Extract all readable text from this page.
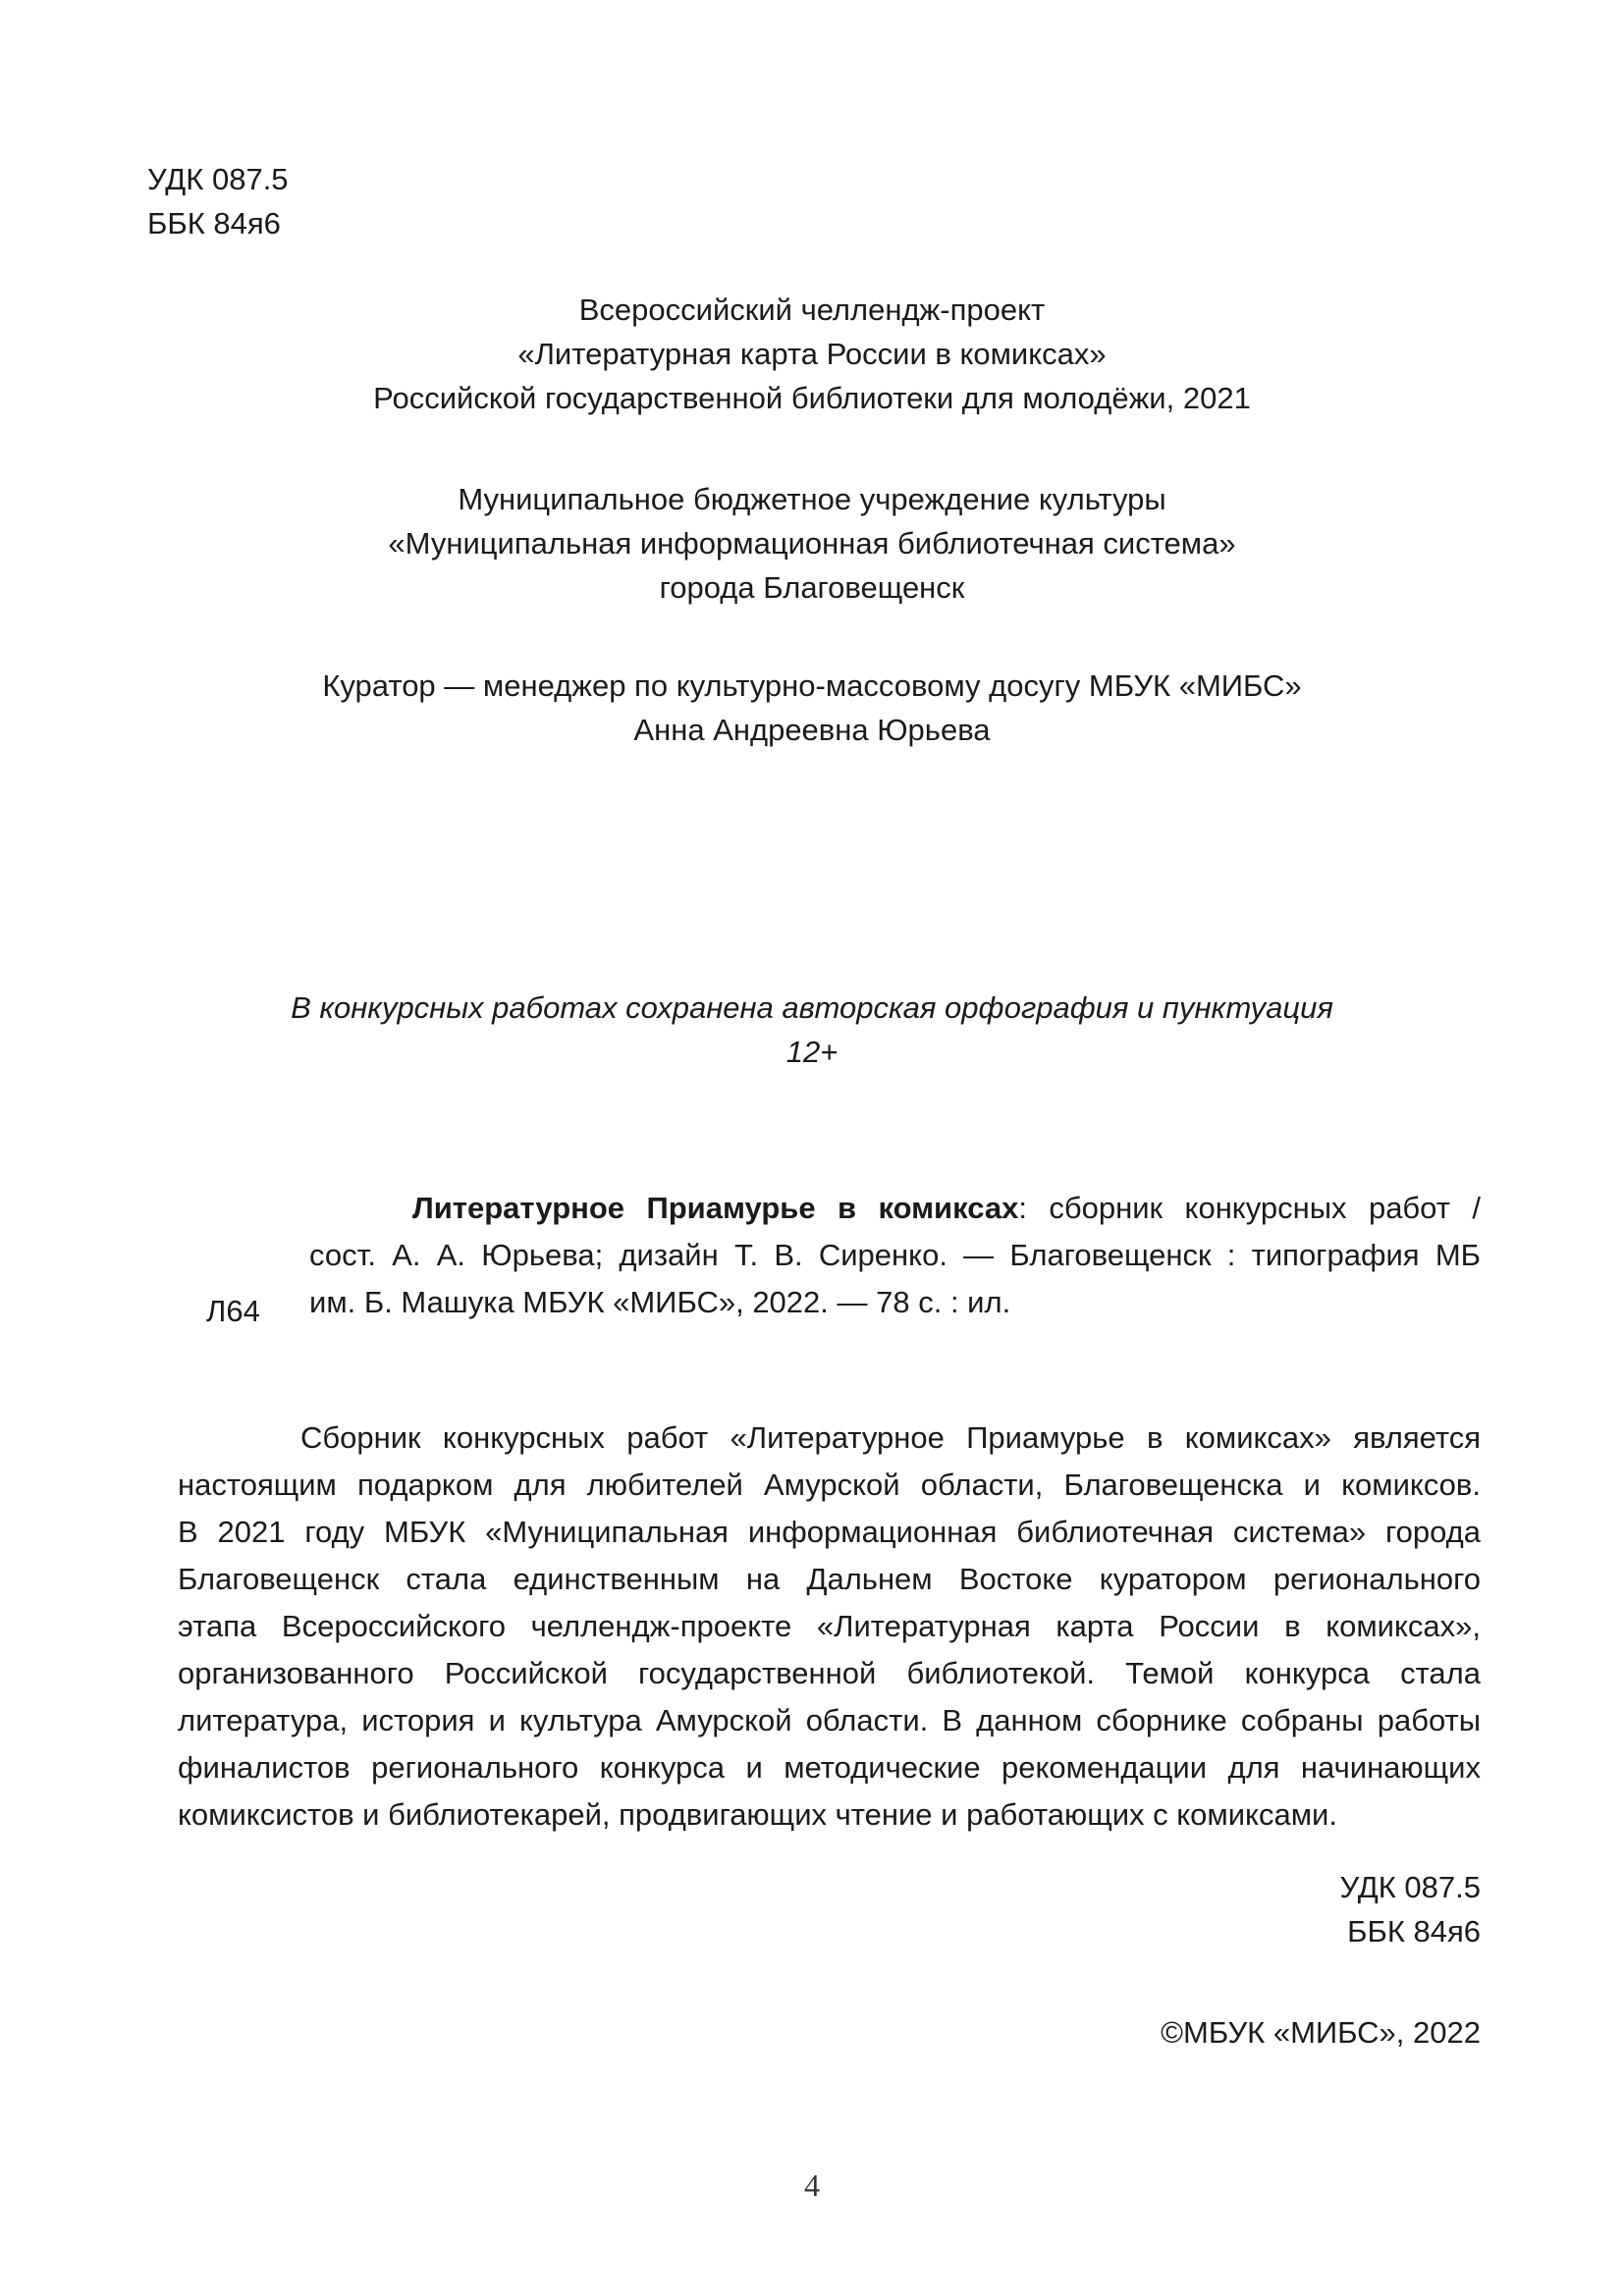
УДК 087.5
ББК 84я6
Всероссийский челлендж-проект
«Литературная карта России в комиксах»
Российской государственной библиотеки для молодёжи, 2021
Муниципальное бюджетное учреждение культуры
«Муниципальная информационная библиотечная система»
города Благовещенск
Куратор — менеджер по культурно-массовому досугу МБУК «МИБС»
Анна Андреевна Юрьева
В конкурсных работах сохранена авторская орфография и пунктуация
12+
Л64
Литературное Приамурье в комиксах: сборник конкурсных работ /
сост. А. А. Юрьева; дизайн Т. В. Сиренко. — Благовещенск : типография МБ
им. Б. Машука МБУК «МИБС», 2022. — 78 с. : ил.
Сборник конкурсных работ «Литературное Приамурье в комиксах» является
настоящим подарком для любителей Амурской области, Благовещенска и комиксов.
В 2021 году МБУК «Муниципальная информационная библиотечная система» города
Благовещенск стала единственным на Дальнем Востоке куратором регионального
этапа Всероссийского челлендж-проекте «Литературная карта России в комиксах»,
организованного Российской государственной библиотекой. Темой конкурса стала
литература, история и культура Амурской области. В данном сборнике собраны работы
финалистов регионального конкурса и методические рекомендации для начинающих
комиксистов и библиотекарей, продвигающих чтение и работающих с комиксами.
УДК 087.5
ББК 84я6
©МБУК «МИБС», 2022
4
